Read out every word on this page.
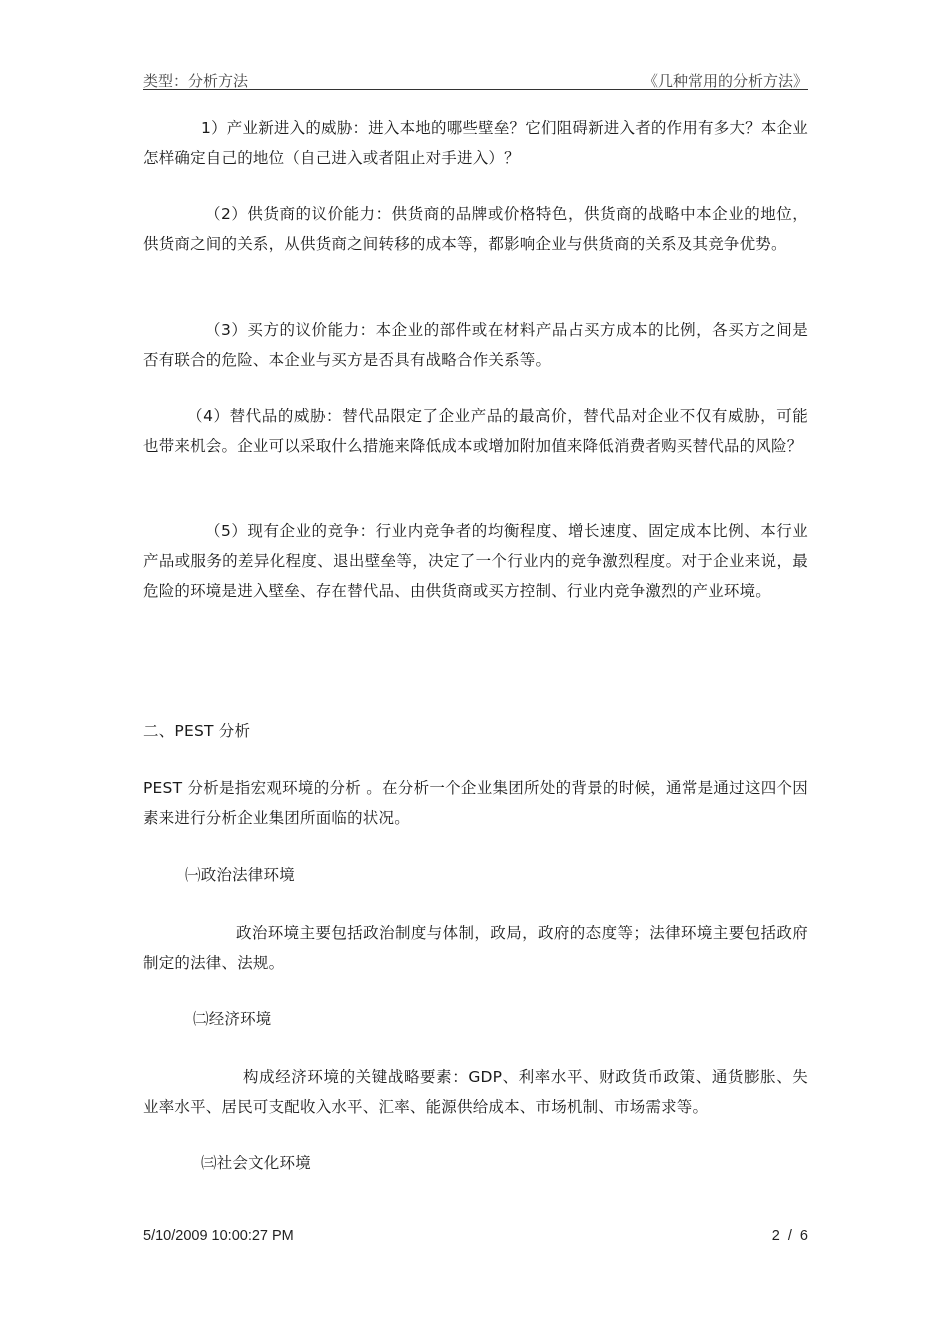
类型：分析方法	《几种常用的分析方法》

1）产业新进入的威胁：进入本地的哪些壁垒？它们阻碍新进入者的作用有多大？本企业怎样确定自己的地位（自己进入或者阻止对手进入）？

（2）供货商的议价能力：供货商的品牌或价格特色，供货商的战略中本企业的地位，供货商之间的关系，从供货商之间转移的成本等，都影响企业与供货商的关系及其竞争优势。

（3）买方的议价能力：本企业的部件或在材料产品占买方成本的比例，各买方之间是否有联合的危险、本企业与买方是否具有战略合作关系等。

（4）替代品的威胁：替代品限定了企业产品的最高价，替代品对企业不仅有威胁，可能也带来机会。企业可以采取什么措施来降低成本或增加附加值来降低消费者购买替代品的风险？

（5）现有企业的竞争：行业内竞争者的均衡程度、增长速度、固定成本比例、本行业产品或服务的差异化程度、退出壁垒等，决定了一个行业内的竞争激烈程度。对于企业来说，最危险的环境是进入壁垒、存在替代品、由供货商或买方控制、行业内竞争激烈的产业环境。

二、PEST 分析

PEST 分析是指宏观环境的分析 。在分析一个企业集团所处的背景的时候，通常是通过这四个因素来进行分析企业集团所面临的状况。

㈠政治法律环境

政治环境主要包括政治制度与体制，政局，政府的态度等；法律环境主要包括政府制定的法律、法规。

㈡经济环境

构成经济环境的关键战略要素：GDP、利率水平、财政货币政策、通货膨胀、失业率水平、居民可支配收入水平、汇率、能源供给成本、市场机制、市场需求等。

㈢社会文化环境

5/10/2009 10:00:27 PM	2  /  6
